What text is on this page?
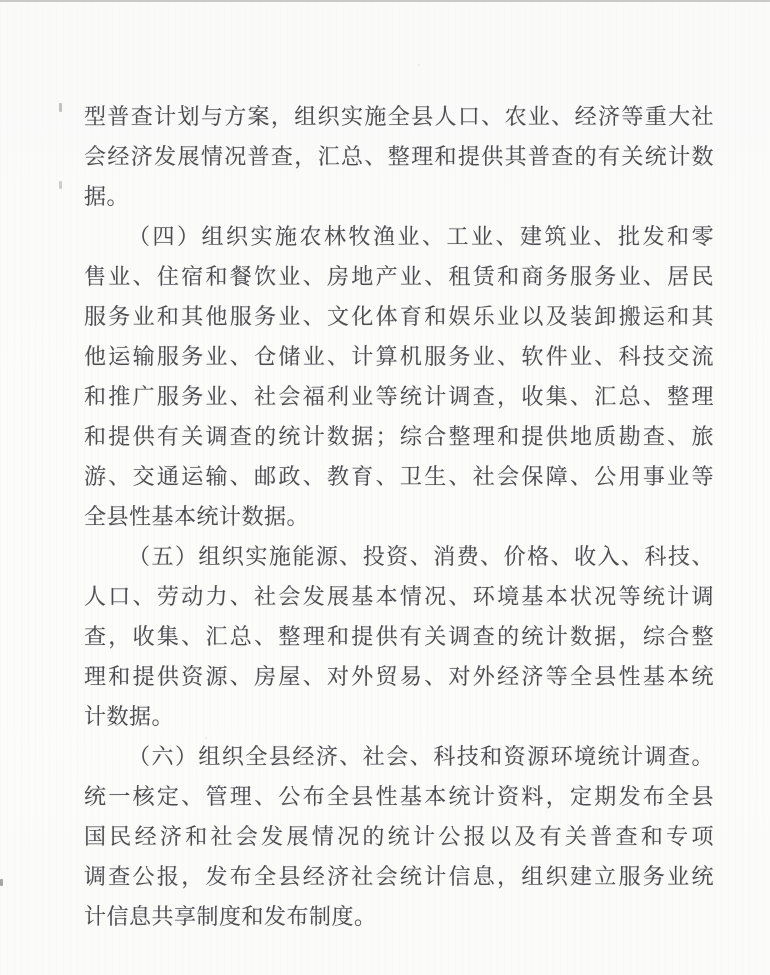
型普查计划与方案，组织实施全县人口、农业、经济等重大社
会经济发展情况普查，汇总、整理和提供其普查的有关统计数
据。
（四）组织实施农林牧渔业、工业、建筑业、批发和零
售业、住宿和餐饮业、房地产业、租赁和商务服务业、居民
服务业和其他服务业、文化体育和娱乐业以及装卸搬运和其
他运输服务业、仓储业、计算机服务业、软件业、科技交流
和推广服务业、社会福利业等统计调查，收集、汇总、整理
和提供有关调查的统计数据；综合整理和提供地质勘查、旅
游、交通运输、邮政、教育、卫生、社会保障、公用事业等
全县性基本统计数据。
（五）组织实施能源、投资、消费、价格、收入、科技、
人口、劳动力、社会发展基本情况、环境基本状况等统计调
查，收集、汇总、整理和提供有关调查的统计数据，综合整
理和提供资源、房屋、对外贸易、对外经济等全县性基本统
计数据。
（六）组织全县经济、社会、科技和资源环境统计调查。
统一核定、管理、公布全县性基本统计资料，定期发布全县
国民经济和社会发展情况的统计公报以及有关普查和专项
调查公报，发布全县经济社会统计信息，组织建立服务业统
计信息共享制度和发布制度。
